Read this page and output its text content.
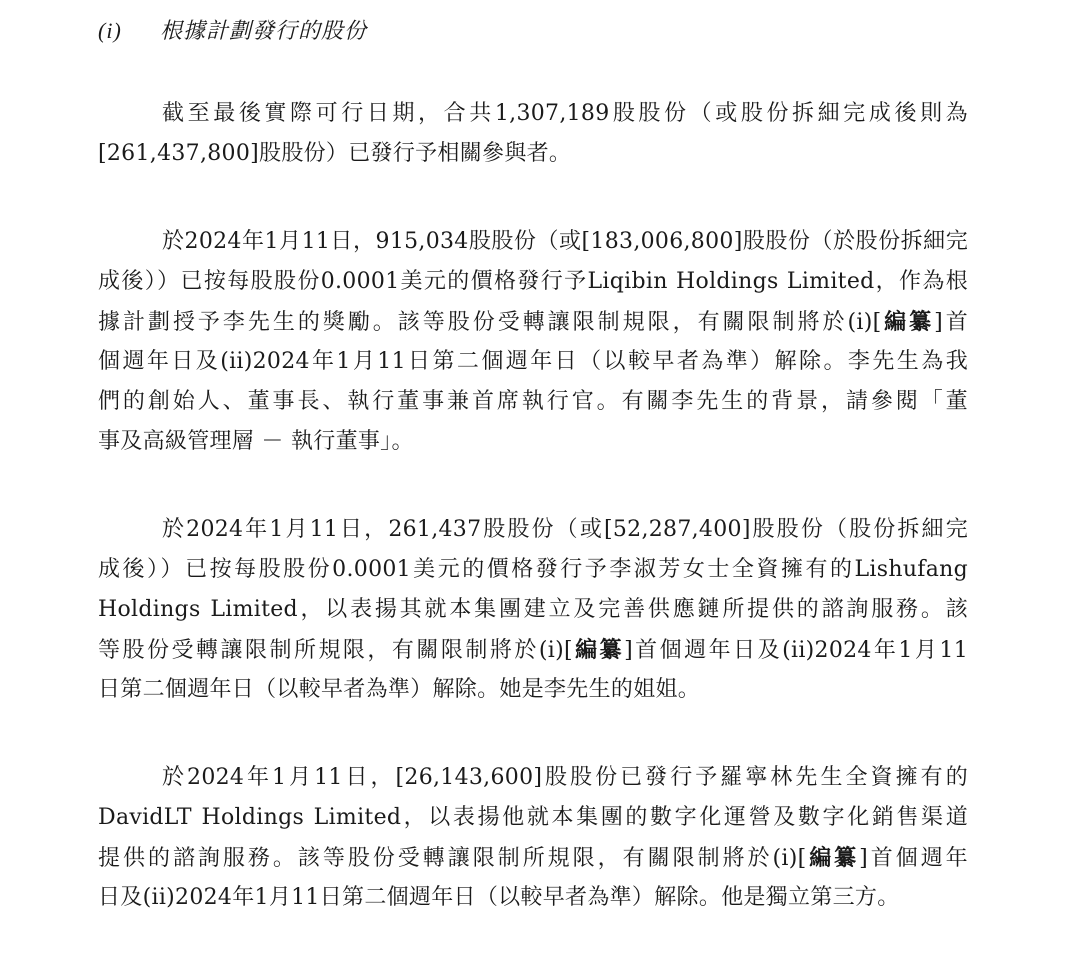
(i)	根據計劃發行的股份
截至最後實際可行日期，合共1,307,189股股份（或股份拆細完成後則為
[261,437,800]股股份）已發行予相關參與者。
於2024年1月11日，915,034股股份（或[183,006,800]股股份（於股份拆細完
成後））已按每股股份0.0001美元的價格發行予Liqibin Holdings Limited，作為根
據計劃授予李先生的獎勵。該等股份受轉讓限制規限，有關限制將於(i)[編纂]首
個週年日及(ii)2024年1月11日第二個週年日（以較早者為準）解除。李先生為我
們的創始人、董事長、執行董事兼首席執行官。有關李先生的背景，請參閱「董
事及高級管理層 － 執行董事」。
於2024年1月11日，261,437股股份（或[52,287,400]股股份（股份拆細完
成後））已按每股股份0.0001美元的價格發行予李淑芳女士全資擁有的Lishufang
Holdings Limited，以表揚其就本集團建立及完善供應鏈所提供的諮詢服務。該
等股份受轉讓限制所規限，有關限制將於(i)[編纂]首個週年日及(ii)2024年1月11
日第二個週年日（以較早者為準）解除。她是李先生的姐姐。
於2024年1月11日，[26,143,600]股股份已發行予羅寧林先生全資擁有的
DavidLT Holdings Limited，以表揚他就本集團的數字化運營及數字化銷售渠道
提供的諮詢服務。該等股份受轉讓限制所規限，有關限制將於(i)[編纂]首個週年
日及(ii)2024年1月11日第二個週年日（以較早者為準）解除。他是獨立第三方。
